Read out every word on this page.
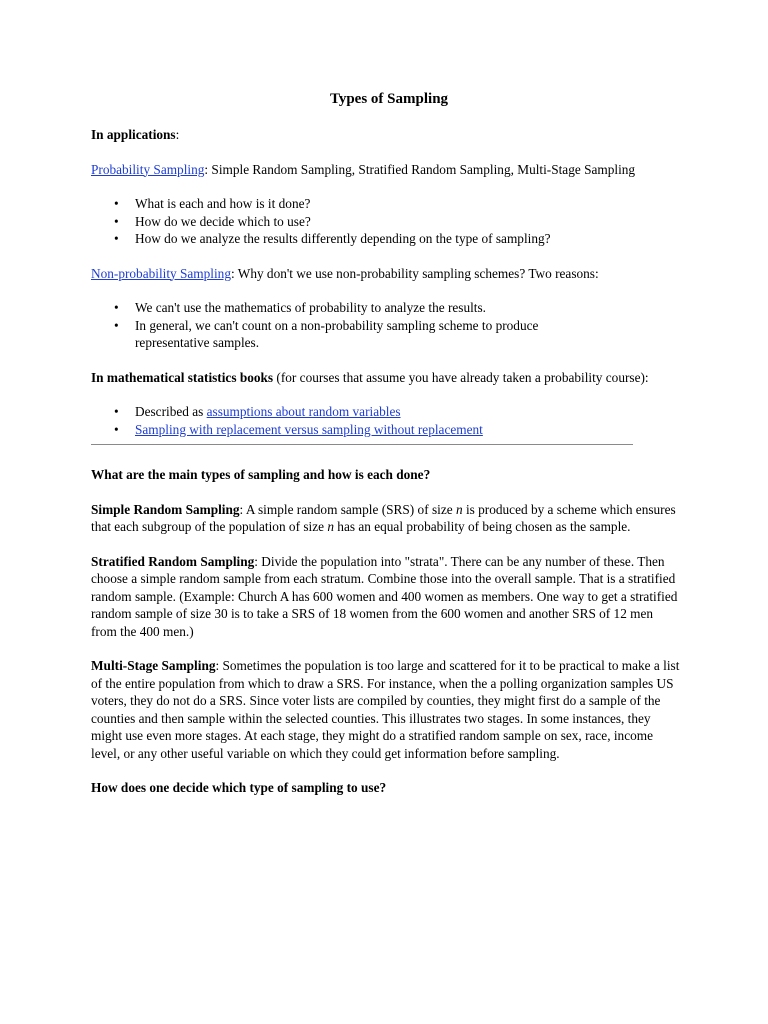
Types of Sampling

In applications:

Probability Sampling: Simple Random Sampling, Stratified Random Sampling, Multi-Stage Sampling

• What is each and how is it done?
• How do we decide which to use?
• How do we analyze the results differently depending on the type of sampling?

Non-probability Sampling: Why don't we use non-probability sampling schemes? Two reasons:

• We can't use the mathematics of probability to analyze the results.
• In general, we can't count on a non-probability sampling scheme to produce representative samples.

In mathematical statistics books (for courses that assume you have already taken a probability course):

• Described as assumptions about random variables
• Sampling with replacement versus sampling without replacement

What are the main types of sampling and how is each done?

Simple Random Sampling: A simple random sample (SRS) of size n is produced by a scheme which ensures that each subgroup of the population of size n has an equal probability of being chosen as the sample.

Stratified Random Sampling: Divide the population into "strata". There can be any number of these. Then choose a simple random sample from each stratum. Combine those into the overall sample. That is a stratified random sample. (Example: Church A has 600 women and 400 women as members. One way to get a stratified random sample of size 30 is to take a SRS of 18 women from the 600 women and another SRS of 12 men from the 400 men.)

Multi-Stage Sampling: Sometimes the population is too large and scattered for it to be practical to make a list of the entire population from which to draw a SRS. For instance, when the a polling organization samples US voters, they do not do a SRS. Since voter lists are compiled by counties, they might first do a sample of the counties and then sample within the selected counties. This illustrates two stages. In some instances, they might use even more stages. At each stage, they might do a stratified random sample on sex, race, income level, or any other useful variable on which they could get information before sampling.

How does one decide which type of sampling to use?
